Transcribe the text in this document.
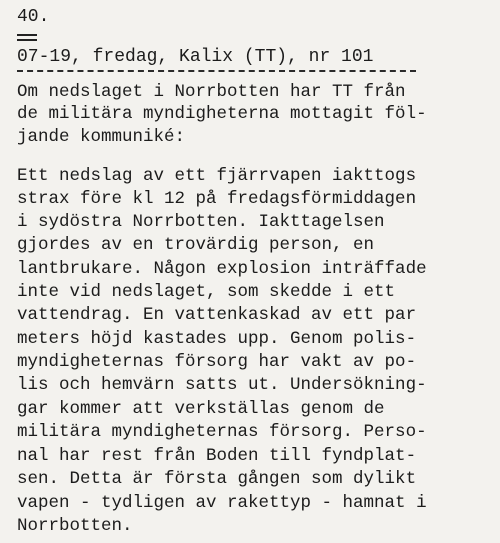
40.
07-19, fredag, Kalix (TT), nr 101
Om nedslaget i Norrbotten har TT från
de militära myndigheterna mottagit föl-
jande kommuniké:
Ett nedslag av ett fjärrvapen iakttogs
strax före kl 12 på fredagsförmiddagen
i sydöstra Norrbotten. Iakttagelsen
gjordes av en trovärdig person, en
lantbrukare. Någon explosion inträffade
inte vid nedslaget, som skedde i ett
vattendrag. En vattenkaskad av ett par
meters höjd kastades upp. Genom polis-
myndigheternas försorg har vakt av po-
lis och hemvärn satts ut. Undersökning-
gar kommer att verkställas genom de
militära myndigheternas försorg. Perso-
nal har rest från Boden till fyndplat-
sen. Detta är första gången som dylikt
vapen - tydligen av rakettyp - hamnat i
Norrbotten.
